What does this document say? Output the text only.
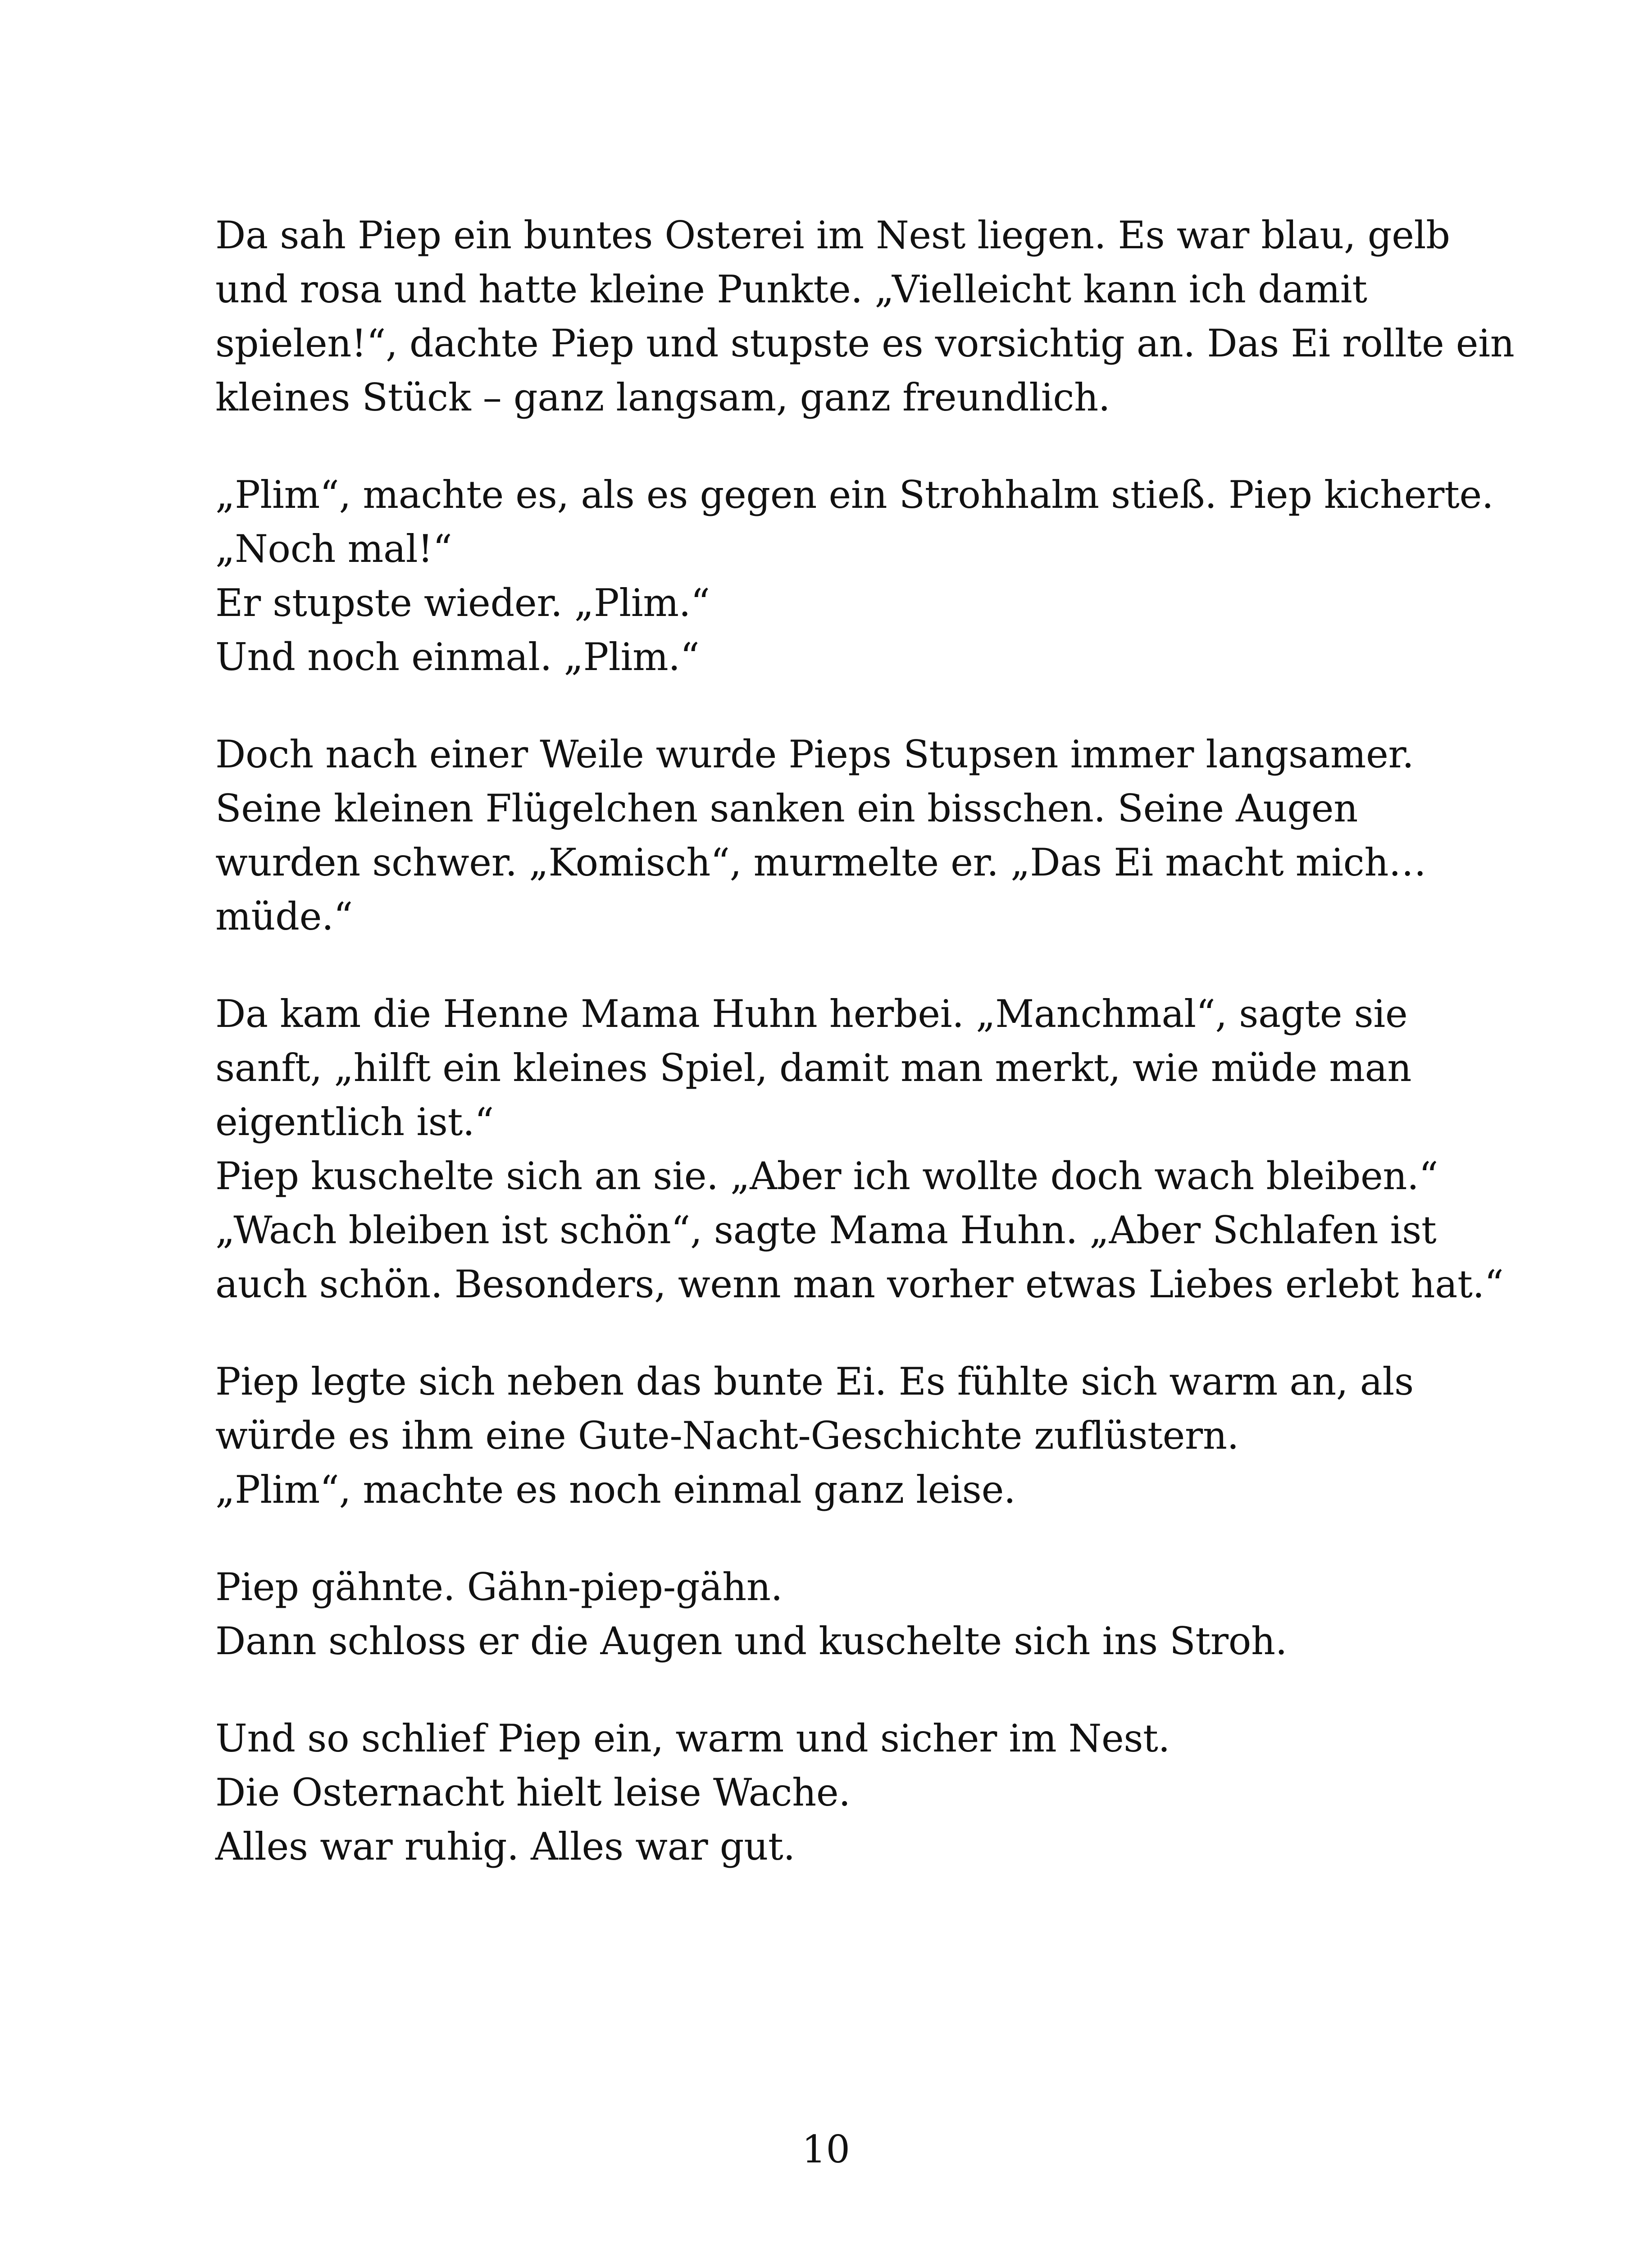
Da sah Piep ein buntes Osterei im Nest liegen. Es war blau, gelb
und rosa und hatte kleine Punkte. „Vielleicht kann ich damit
spielen!“, dachte Piep und stupste es vorsichtig an. Das Ei rollte ein
kleines Stück – ganz langsam, ganz freundlich.

„Plim“, machte es, als es gegen ein Strohhalm stieß. Piep kicherte.
„Noch mal!“
Er stupste wieder. „Plim.“
Und noch einmal. „Plim.“

Doch nach einer Weile wurde Pieps Stupsen immer langsamer.
Seine kleinen Flügelchen sanken ein bisschen. Seine Augen
wurden schwer. „Komisch“, murmelte er. „Das Ei macht mich…
müde.“

Da kam die Henne Mama Huhn herbei. „Manchmal“, sagte sie
sanft, „hilft ein kleines Spiel, damit man merkt, wie müde man
eigentlich ist.“
Piep kuschelte sich an sie. „Aber ich wollte doch wach bleiben.“
„Wach bleiben ist schön“, sagte Mama Huhn. „Aber Schlafen ist
auch schön. Besonders, wenn man vorher etwas Liebes erlebt hat.“

Piep legte sich neben das bunte Ei. Es fühlte sich warm an, als
würde es ihm eine Gute-Nacht-Geschichte zuflüstern.
„Plim“, machte es noch einmal ganz leise.

Piep gähnte. Gähn-piep-gähn.
Dann schloss er die Augen und kuschelte sich ins Stroh.

Und so schlief Piep ein, warm und sicher im Nest.
Die Osternacht hielt leise Wache.
Alles war ruhig. Alles war gut.

10
